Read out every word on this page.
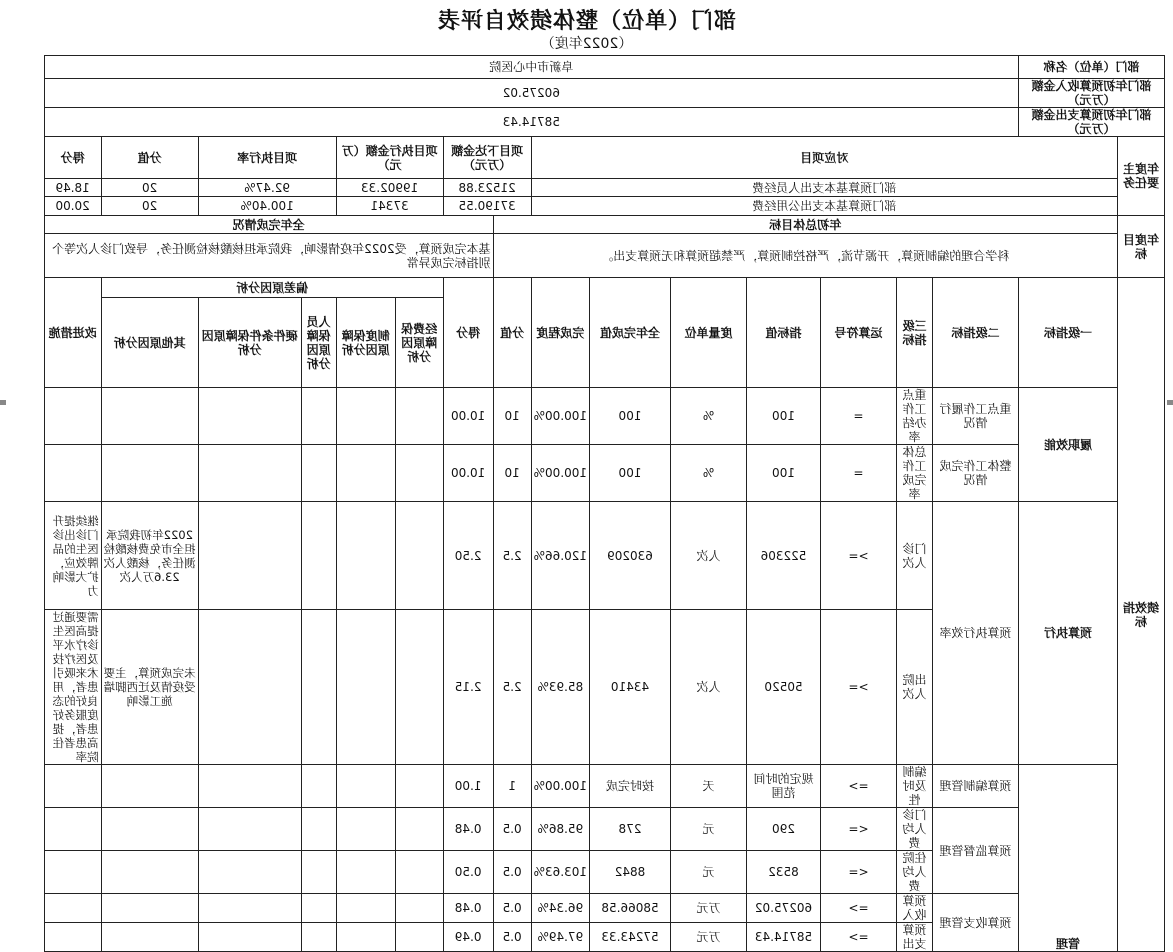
部门（单位）整体绩效自评表
（2022年度）
部门（单位）名称		阜新市中心医院														
部门年初预算收入金额（万元）		60275.02														
部门年初预算支出金额（万元）		58714.43														
年度主要任务	对应项目								项目下达金额（万元）		项目执行金额（万元）		项目执行率		分值	得分
	部门预算基本支出人员经费								21523.88		19902.33		92.47%		20	18.49
	部门预算基本支出公用经费								37190.55		37341		100.40%		20	20.00
年度目标	年初总体目标									全年完成情况						
	科学合理的编制预算，开源节流，严格控制预算，严禁超预算和无预算支出。									基本完成预算，受2022年疫情影响，我院承担核酸核检测任务，导致门诊人次等个别指标完成异常						
绩效指标	一级指标	二级指标	三级指标	运算符号	指标值	度量单位	全年完成值	完成程度	分值	得分	偏差原因分析					改进措施
											经费保障原因分析	制度保障原因分析	人员保障原因分析	硬件条件保障原因分析	其他原因分析	
	履职效能	重点工作履行情况	重点工作办结率	=	100	%	100	100.00%	10	10.00						
		整体工作完成情况	总体工作完成率	=	100	%	100	100.00%	10	10.00						
	预算执行	预算执行效率	门诊人次	>=	522306	人次	630209	120.66%	2.5	2.50					2022年初我院承担全市免费核酸检测任务，核酸人次23.6万人次	继续提升门诊出诊医生的品牌效应，扩大影响力
			出院人次	>=	50520	人次	43410	85.93%	2.5	2.15					未完成预算，主要受疫情及迁西脚墙施工影响	需要通过提高医生诊疗水平及医疗技术来吸引患者，用良好的态度服务好患者，提高患者住院率
	管理	预算编制管理	编制及时性	=>	规定的时间范围	天	按时完成	100.00%	1	1.00						
		预算监督管理	门诊人均费	<=	290	元	278	95.86%	0.5	0.48						
			住院人均费	<=	8532	元	8842	103.63%	0.5	0.50						
		预算收支管理	预算收入	=>	60275.02	万元	58066.58	96.34%	0.5	0.48						
			预算支出	=>	58714.43	万元	57243.33	97.49%	0.5	0.49						
